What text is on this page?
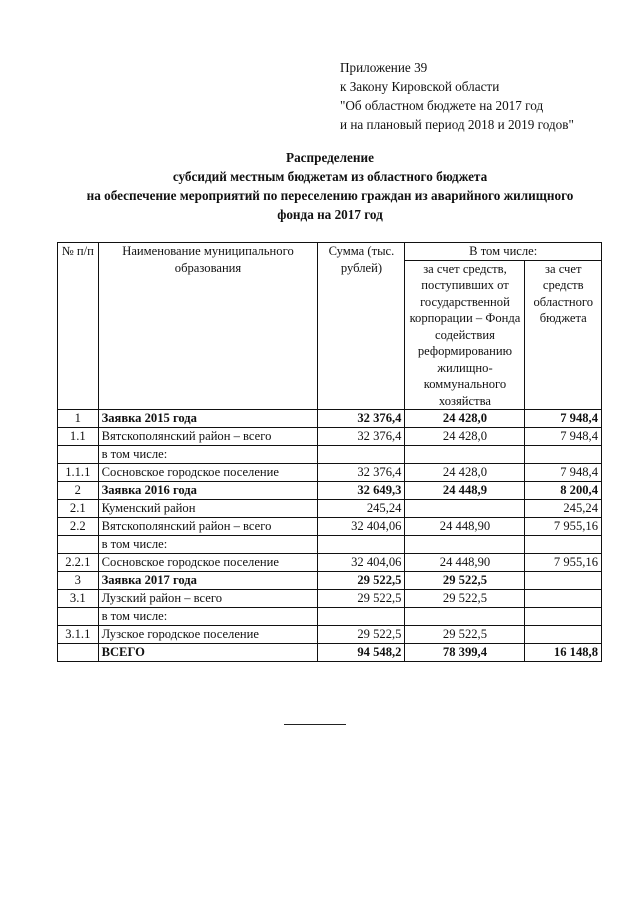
Приложение 39
к Закону Кировской области
"Об областном бюджете на 2017 год
и на плановый период 2018 и 2019 годов"
Распределение
субсидий местным бюджетам из областного бюджета
на обеспечение мероприятий по переселению граждан из аварийного жилищного
фонда на 2017 год
№ п/п	Наименование муниципального образования	Сумма (тыс. рублей)	В том числе:	
			за счет средств, поступивших от государственной корпорации – Фонда содействия реформированию жилищно-коммунального хозяйства	за счет средств областного бюджета
1	Заявка 2015 года	32 376,4	24 428,0	7 948,4
1.1	Вятскополянский район – всего	32 376,4	24 428,0	7 948,4
	в том числе:			
1.1.1	Сосновское городское поселение	32 376,4	24 428,0	7 948,4
2	Заявка 2016 года	32 649,3	24 448,9	8 200,4
2.1	Куменский район	245,24		245,24
2.2	Вятскополянский район – всего	32 404,06	24 448,90	7 955,16
	в том числе:			
2.2.1	Сосновское городское поселение	32 404,06	24 448,90	7 955,16
3	Заявка 2017 года	29 522,5	29 522,5	
3.1	Лузский район – всего	29 522,5	29 522,5	
	в том числе:			
3.1.1	Лузское городское поселение	29 522,5	29 522,5	
	ВСЕГО	94 548,2	78 399,4	16 148,8
